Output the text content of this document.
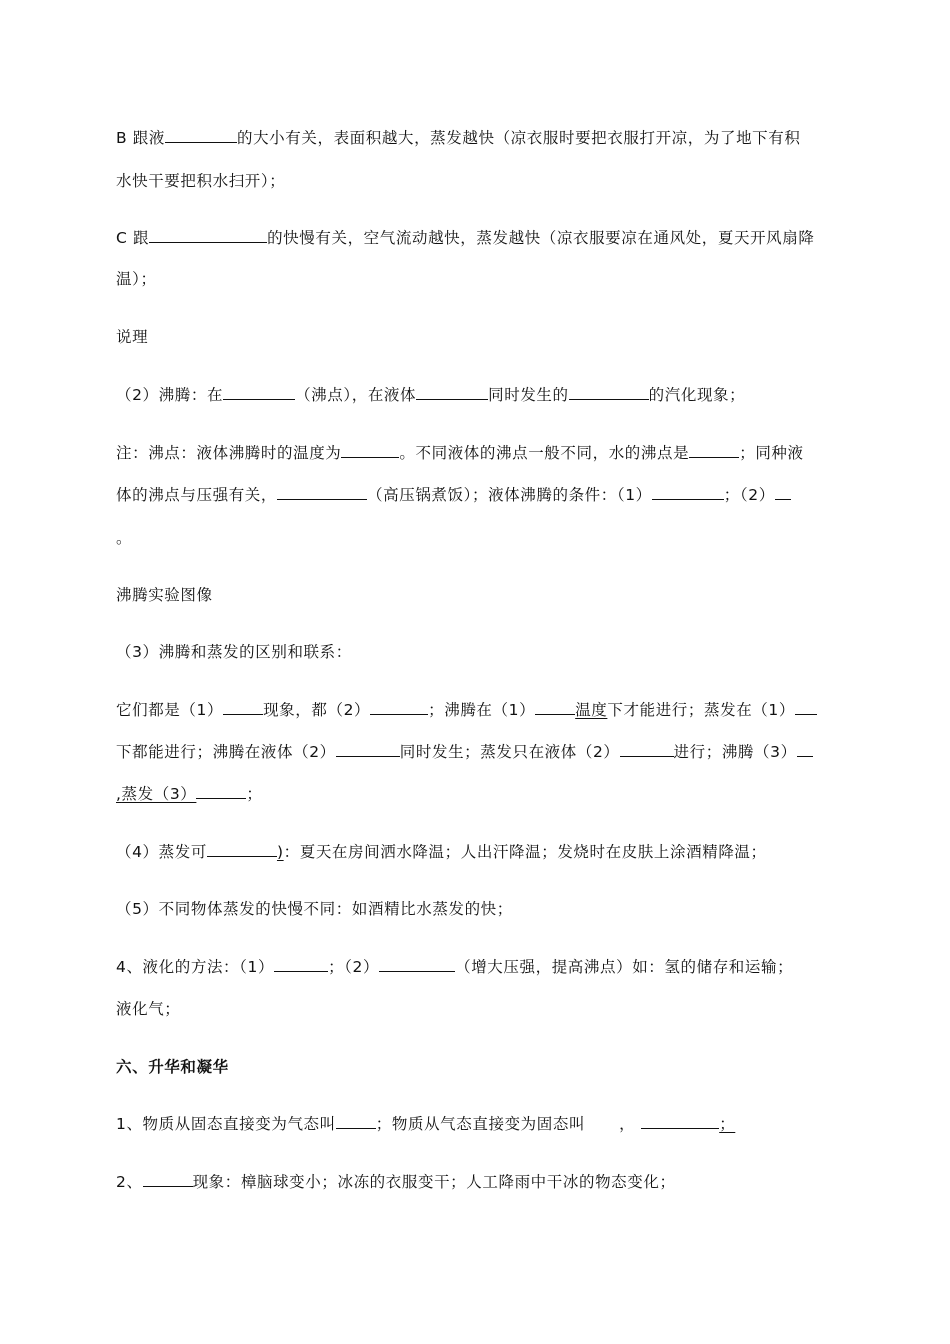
B 跟液	的大小有关，表面积越大，蒸发越快（凉衣服时要把衣服打开凉，为了地下有积
水快干要把积水扫开）；
C 跟	的快慢有关，空气流动越快，蒸发越快（凉衣服要凉在通风处，夏天开风扇降
温）；
说理
（2）沸腾：在	（沸点），在液体	同时发生的	的汽化现象；
注：沸点：液体沸腾时的温度为	。不同液体的沸点一般不同，水的沸点是	；同种液
体的沸点与压强有关，	（高压锅煮饭）；液体沸腾的条件：（1）	；（2）
。
沸腾实验图像
（3）沸腾和蒸发的区别和联系：
它们都是（1）	现象，都（2）	；沸腾在（1）	温度下才能进行；蒸发在（1）
下都能进行；沸腾在液体（2）	同时发生；蒸发只在液体（2）	进行；沸腾（3）
,蒸发（3）	；
（4）蒸发可	)：夏天在房间洒水降温；人出汗降温；发烧时在皮肤上涂酒精降温；
（5）不同物体蒸发的快慢不同：如酒精比水蒸发的快；
4、液化的方法：（1）	；（2）	（增大压强，提高沸点）如：氢的储存和运输；
液化气；
六、升华和凝华
1、物质从固态直接变为气态叫	；物质从气态直接变为固态叫 ，	；
2、	现象：樟脑球变小；冰冻的衣服变干；人工降雨中干冰的物态变化；
